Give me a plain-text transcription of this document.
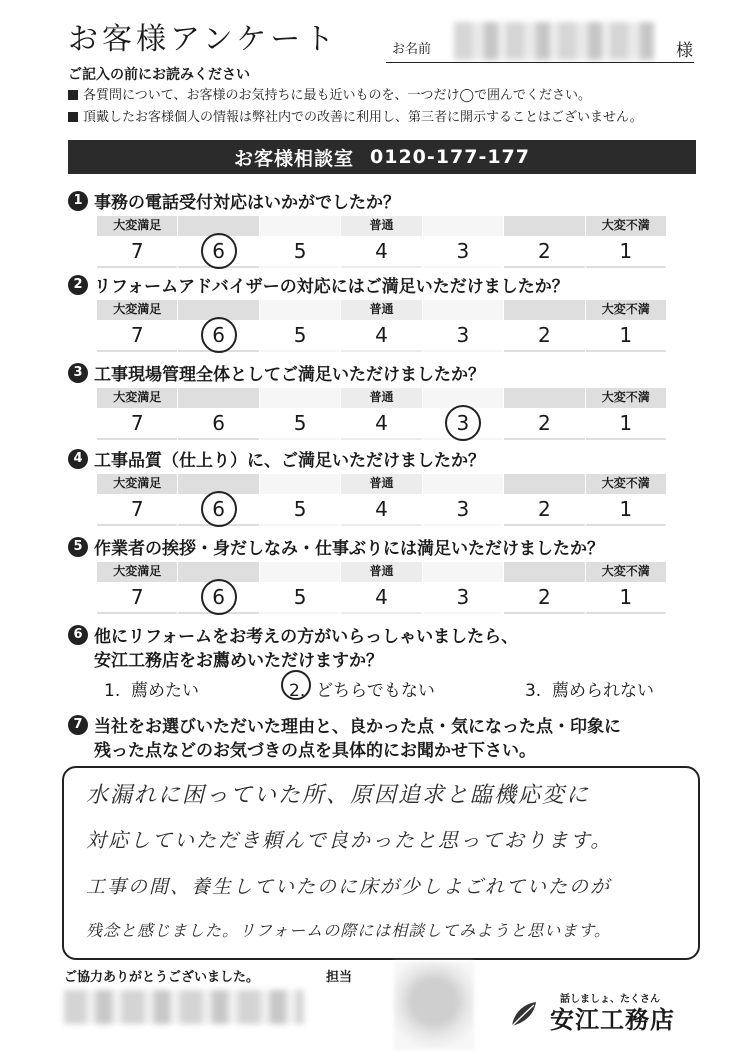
お客様アンケート	お名前	様
ご記入の前にお読みください
各質問について、お客様のお気持ちに最も近いものを、一つだけ◯で囲んでください。
頂戴したお客様個人の情報は弊社内での改善に利用し、第三者に開示することはございません。
お客様相談室 0120-177-177
1 事務の電話受付対応はいかがでしたか？
大変満足
7	6	5
普通
4	3	2
大変不満
1
2 リフォームアドバイザーの対応にはご満足いただけましたか？
大変満足
7	6	5
普通
4	3	2
大変不満
1
3 工事現場管理全体としてご満足いただけましたか？
大変満足
7	6	5
普通
4	3	2
大変不満
1
4 工事品質（仕上り）に、ご満足いただけましたか？
大変満足
7	6	5
普通
4	3	2
大変不満
1
5 作業者の挨拶・身だしなみ・仕事ぶりには満足いただけましたか？
大変満足
7	6	5
普通
4	3	2
大変不満
1
6 他にリフォームをお考えの方がいらっしゃいましたら、
安江工務店をお薦めいただけますか？
1. 薦めたい	2. どちらでもない	3. 薦められない
7 当社をお選びいただいた理由と、良かった点・気になった点・印象に
残った点などのお気づきの点を具体的にお聞かせ下さい。
水漏れに困っていた所、原因追求と臨機応変に
対応していただき頼んで良かったと思っております。
工事の間、養生していたのに床が少しよごれていたのが
残念と感じました。リフォームの際には相談してみようと思います。
ご協力ありがとうございました。	担当
話しましょ、たくさん
安江工務店
